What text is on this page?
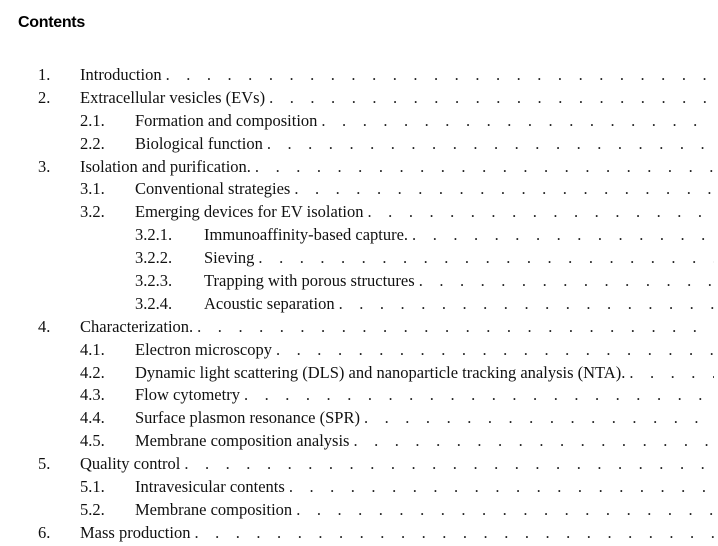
Contents
1. Introduction
. . .
2. Extracellular vesicles (EVs)
. . .
2.1. Formation and composition
. . .
2.2. Biological function
. . .
3. Isolation and purification.
. . .
3.1. Conventional strategies
. . .
3.2. Emerging devices for EV isolation
. . .
3.2.1. Immunoaffinity-based capture.
. . .
3.2.2. Sieving
. . .
3.2.3. Trapping with porous structures
. . .
3.2.4. Acoustic separation
. . .
4. Characterization.
. . .
4.1. Electron microscopy
. . .
4.2. Dynamic light scattering (DLS) and nanoparticle tracking analysis (NTA).
. . .
4.3. Flow cytometry
. . .
4.4. Surface plasmon resonance (SPR)
. . .
4.5. Membrane composition analysis
. . .
5. Quality control
. . .
5.1. Intravesicular contents
. . .
5.2. Membrane composition
. . .
6. Mass production
. . .
